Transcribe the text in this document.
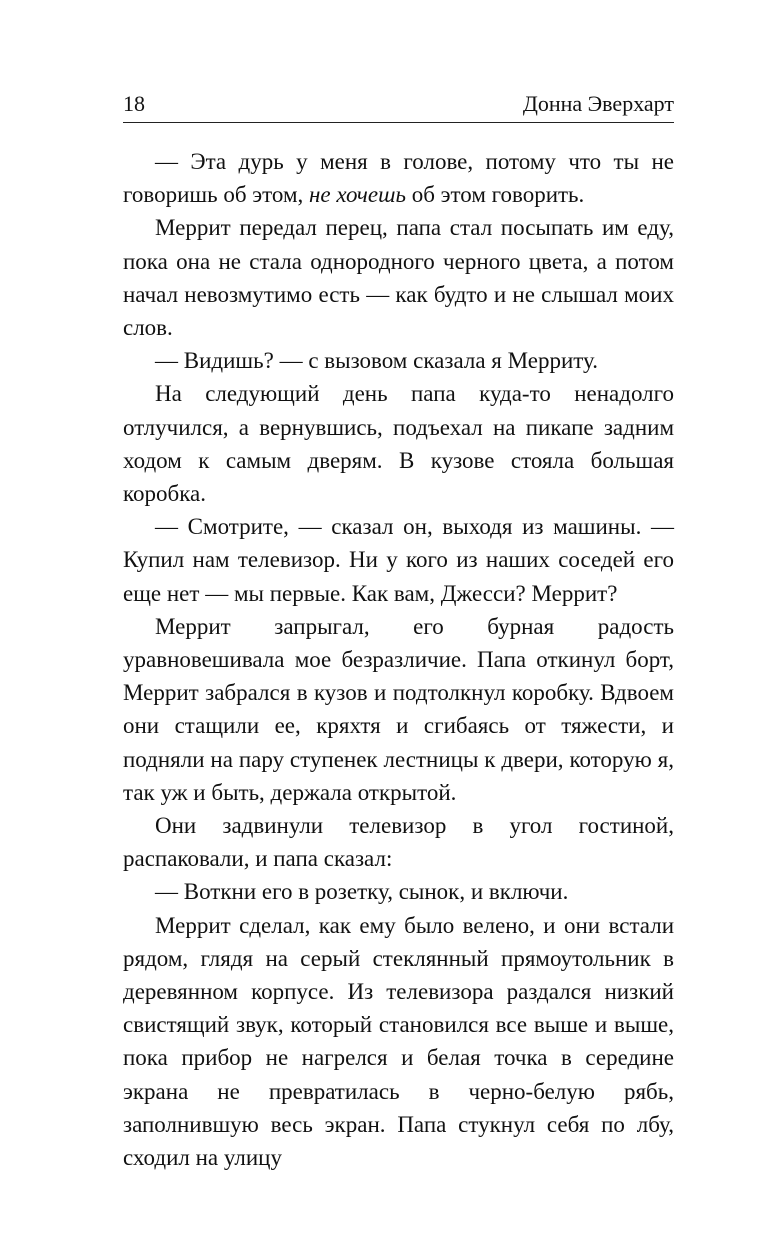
18	Донна Эверхарт

— Эта дурь у меня в голове, потому что ты не говоришь об этом, не хочешь об этом говорить.

Меррит передал перец, папа стал посыпать им еду, пока она не стала однородного черного цвета, а потом начал невозмутимо есть — как будто и не слышал моих слов.

— Видишь? — с вызовом сказала я Мерриту.

На следующий день папа куда-то ненадолго отлучился, а вернувшись, подъехал на пикапе задним ходом к самым дверям. В кузове стояла большая коробка.

— Смотрите, — сказал он, выходя из машины. — Купил нам телевизор. Ни у кого из наших соседей его еще нет — мы первые. Как вам, Джесси? Меррит?

Меррит запрыгал, его бурная радость уравновешивала мое безразличие. Папа откинул борт, Меррит забрался в кузов и подтолкнул коробку. Вдвоем они стащили ее, кряхтя и сгибаясь от тяжести, и подняли на пару ступенек лестницы к двери, которую я, так уж и быть, держала открытой.

Они задвинули телевизор в угол гостиной, распаковали, и папа сказал:

— Воткни его в розетку, сынок, и включи.

Меррит сделал, как ему было велено, и они встали рядом, глядя на серый стеклянный прямоутольник в деревянном корпусе. Из телевизора раздался низкий свистящий звук, который становился все выше и выше, пока прибор не нагрелся и белая точка в середине экрана не превратилась в черно-белую рябь, заполнившую весь экран. Папа стукнул себя по лбу, сходил на улицу
